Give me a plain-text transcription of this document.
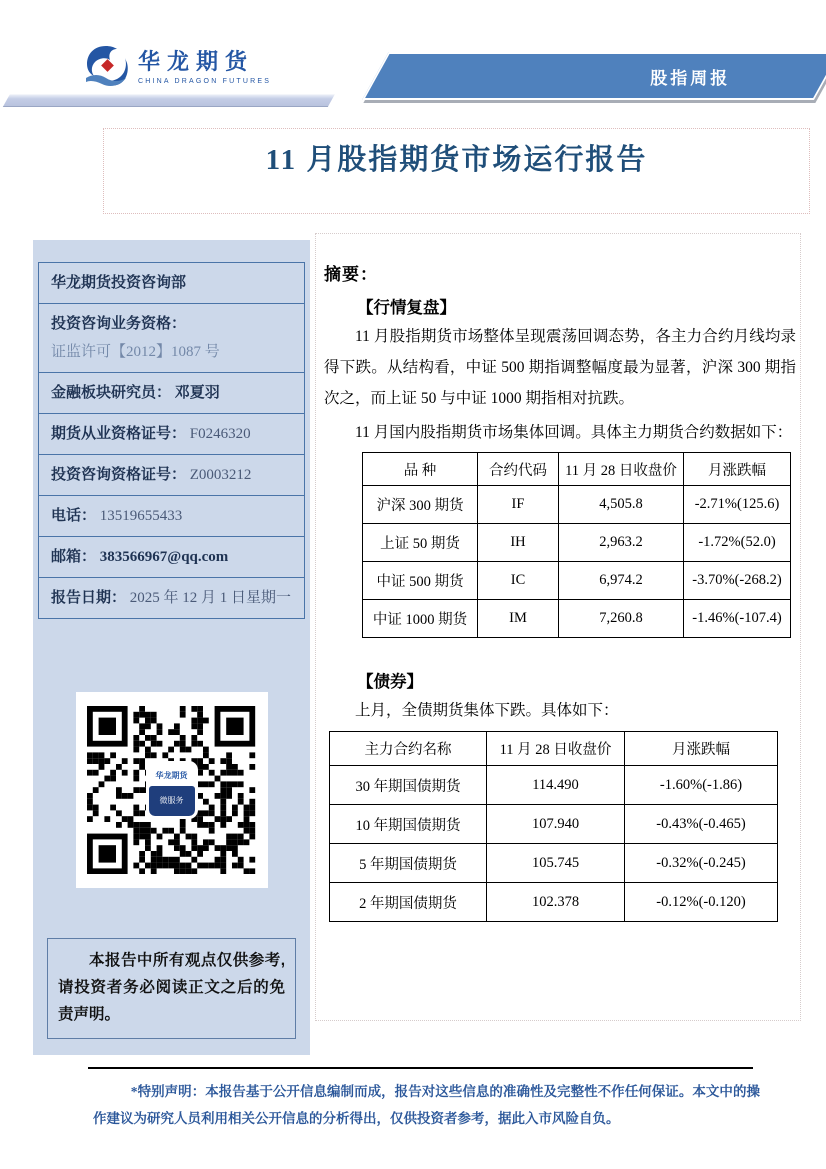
华龙期货
CHINA DRAGON FUTURES	股指周报
11 月股指期货市场运行报告
华龙期货投资咨询部
投资咨询业务资格：
证监许可【2012】1087 号
金融板块研究员： 邓夏羽
期货从业资格证号： F0246320
投资咨询资格证号： Z0003212
电话： 13519655433
邮箱： 383566967@qq.com
报告日期： 2025 年 12 月 1 日星期一
华龙期货
微服务
本报告中所有观点仅供参考,请投资者务必阅读正文之后的免责声明。
摘要：
【行情复盘】
11 月股指期货市场整体呈现震荡回调态势，各主力合约月线均录得下跌。从结构看，中证 500 期指调整幅度最为显著，沪深 300 期指次之，而上证 50 与中证 1000 期指相对抗跌。
11 月国内股指期货市场集体回调。具体主力期货合约数据如下：
品 种	合约代码	11 月 28 日收盘价	月涨跌幅
沪深 300 期货	IF	4,505.8	-2.71%(125.6)
上证 50 期货	IH	2,963.2	-1.72%(52.0)
中证 500 期货	IC	6,974.2	-3.70%(-268.2)
中证 1000 期货	IM	7,260.8	-1.46%(-107.4)
【债券】
上月，全债期货集体下跌。具体如下：
主力合约名称	11 月 28 日收盘价	月涨跌幅
30 年期国债期货	114.490	-1.60%(-1.86)
10 年期国债期货	107.940	-0.43%(-0.465)
5 年期国债期货	105.745	-0.32%(-0.245)
2 年期国债期货	102.378	-0.12%(-0.120)
*特别声明：本报告基于公开信息编制而成，报告对这些信息的准确性及完整性不作任何保证。本文中的操作建议为研究人员利用相关公开信息的分析得出，仅供投资者参考，据此入市风险自负。
